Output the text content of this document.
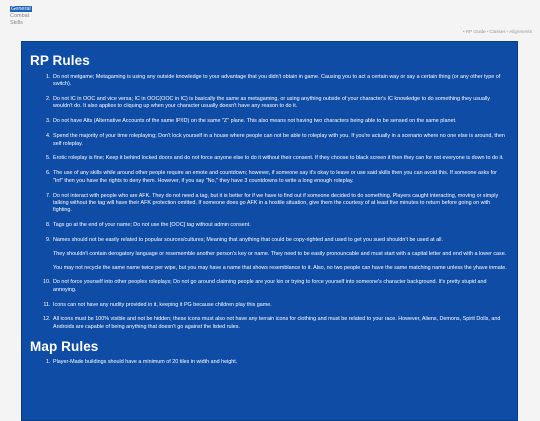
General
Combat
Skills
• RP Guide•Classes•Alignments
RP Rules
1. Do not metgame; Metagaming is using any outside knowledge to your advantage that you didn't obtain in game. Causing you to act a certain way or say a certain thing (or any other type of switch).
2. Do not IC in OOC and vice versa; IC in OOC(OOC in IC) is basically the same as metagaming, or using anything outside of your character's IC knowledge to do something they usually wouldn't do. It also applies to cliquing up when your character usually doesn't have any reason to do it.
3. Do not have Alts (Alternative Accounts of the same IP/ID) on the same "Z" plane. This also means not having two characters being able to be sensed on the same planet.
4. Spend the majority of your time roleplaying; Don't lock yourself in a house where people can not be able to roleplay with you. If you're actually in a scenario where no one else is around, then self roleplay.
5. Erotic roleplay is fine; Keep it behind locked doors and do not force anyone else to do it without their consent. If they choose to black screen it then they can for not everyone is down to do it.
6. The use of any skills while around other people require an emote and countdown; however, if someone say it's okay to leave or use said skills then you can avoid this. If someone asks for "Inf" then you have the rights to deny them. However, if you say "No," they have 3 countdowns to write a long enough roleplay.
7. Do not interact with people who are AFK. They do not need a tag, but it is better for if we have to find out if someone decided to do something. Players caught interacting, moving or simply talking without the tag will have their AFK protection omitted. If someone does go AFK in a hostile situation, give them the courtesy of at least five minutes to return before going on with fighting.
8. Tags go at the end of your name; Do not use the [OOC] tag without admin consent.
9. Names should not be easily related to popular sources/cultures; Meaning that anything that could be copy-righted and used to get you sued shouldn't be used at all.

They shouldn't contain derogatory language or resememble another person's key or name. They need to be easily pronouncable and must start with a capital letter and end with a lower case.

You may not recycle the same name twice per wipe, but you may have a name that shows resemblance to it. Also, no two people can have the same matching name unless the yhave inmate.

10. Do not force yourself into other peoples roleplays; Do not go around claiming people are your kin or trying to force yourself into someone's character background. It's pretty stupid and annoying.
11. Icons can not have any nudity provided in it, keeping it PG because children play this game.
12. All icons must be 100% visible and not be hidden; these icons must also not have any terrain icons for clothing and must be related to your race. However, Aliens, Demons, Spirit Dolls, and Androids are capable of being anything that doesn't go against the listed rules.
Map Rules
1. Player-Made buildings should have a minimum of 20 tiles in width and height.
